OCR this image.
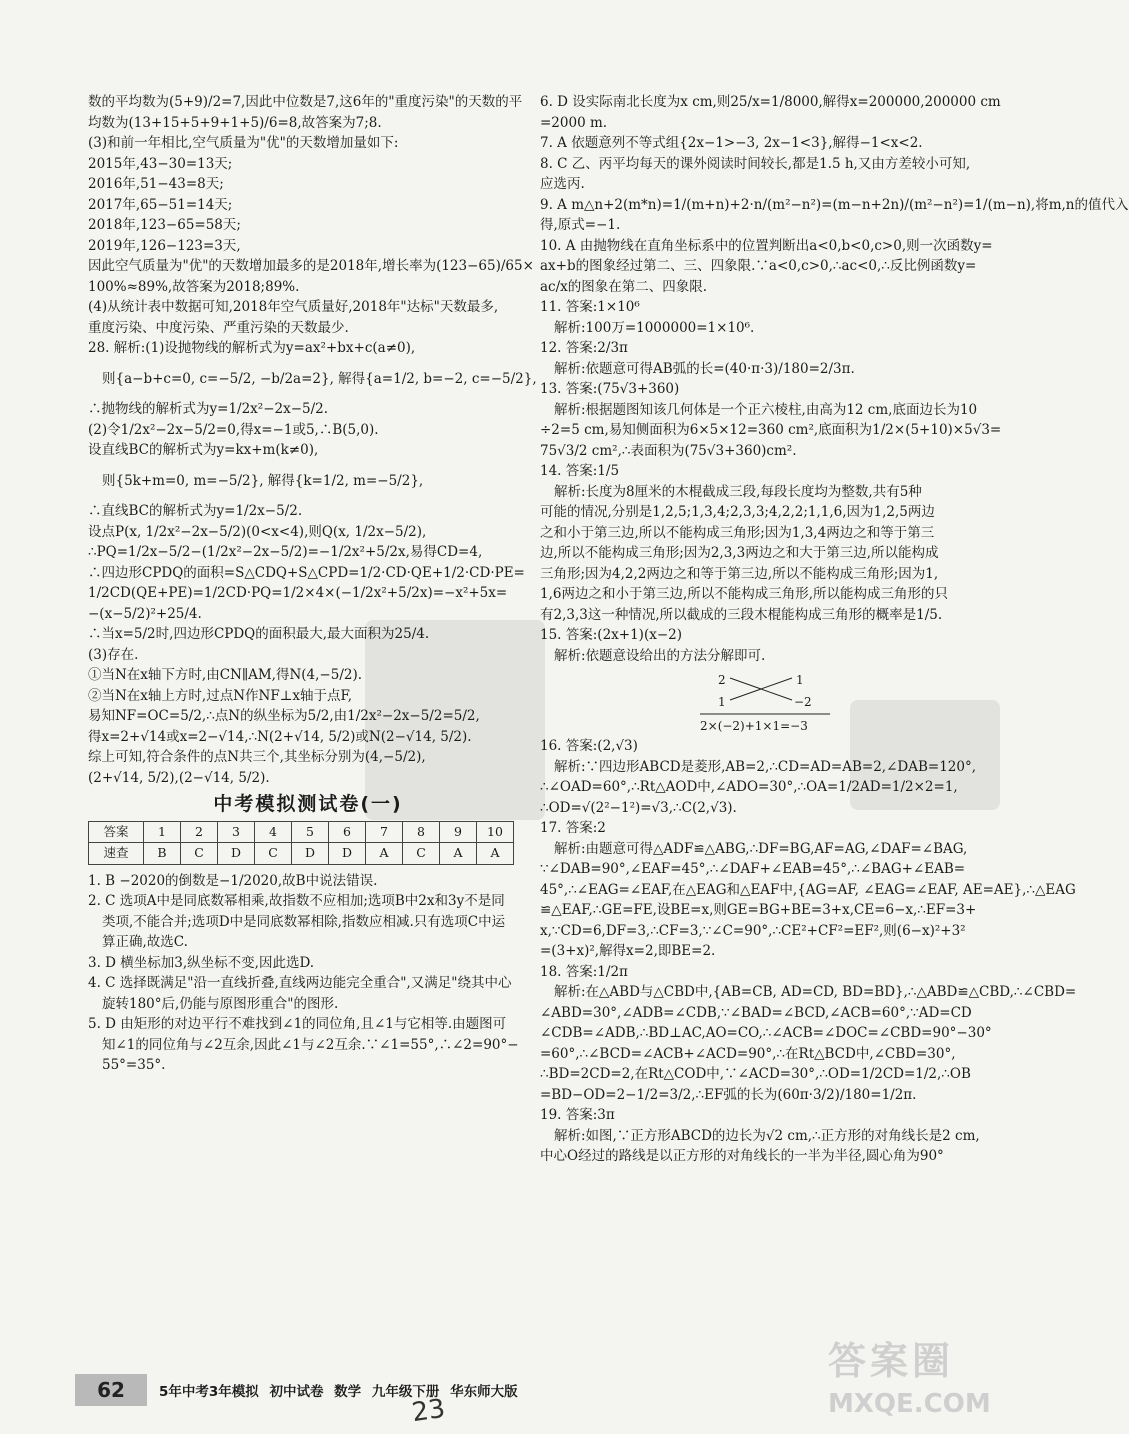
数的平均数为(5+9)/2=7,因此中位数是7,这6年的"重度污染"的天数的平
均数为(13+15+5+9+1+5)/6=8,故答案为7;8.
(3)和前一年相比,空气质量为"优"的天数增加量如下:
2015年,43−30=13天;
2016年,51−43=8天;
2017年,65−51=14天;
2018年,123−65=58天;
2019年,126−123=3天,
因此空气质量为"优"的天数增加最多的是2018年,增长率为(123−65)/65×
100%≈89%,故答案为2018;89%.
(4)从统计表中数据可知,2018年空气质量好,2018年"达标"天数最多,
重度污染、中度污染、严重污染的天数最少.
28. 解析:(1)设抛物线的解析式为y=ax²+bx+c(a≠0),
则{a−b+c=0, c=−5/2, −b/2a=2}, 解得{a=1/2, b=−2, c=−5/2},
∴抛物线的解析式为y=1/2x²−2x−5/2.
(2)令1/2x²−2x−5/2=0,得x=−1或5,∴B(5,0).
设直线BC的解析式为y=kx+m(k≠0),
则{5k+m=0, m=−5/2}, 解得{k=1/2, m=−5/2},
∴直线BC的解析式为y=1/2x−5/2.
设点P(x, 1/2x²−2x−5/2)(0<x<4),则Q(x, 1/2x−5/2),
∴PQ=1/2x−5/2−(1/2x²−2x−5/2)=−1/2x²+5/2x,易得CD=4,
∴四边形CPDQ的面积=S△CDQ+S△CPD=1/2·CD·QE+1/2·CD·PE=
1/2CD(QE+PE)=1/2CD·PQ=1/2×4×(−1/2x²+5/2x)=−x²+5x=
−(x−5/2)²+25/4.
∴当x=5/2时,四边形CPDQ的面积最大,最大面积为25/4.
(3)存在.
①当N在x轴下方时,由CN∥AM,得N(4,−5/2).
②当N在x轴上方时,过点N作NF⊥x轴于点F,
易知NF=OC=5/2,∴点N的纵坐标为5/2,由1/2x²−2x−5/2=5/2,
得x=2+√14或x=2−√14,∴N(2+√14, 5/2)或N(2−√14, 5/2).
综上可知,符合条件的点N共三个,其坐标分别为(4,−5/2),
(2+√14, 5/2),(2−√14, 5/2).
中考模拟测试卷(一)
答案	1	2	3	4	5	6	7	8	9	10
速查	B	C	D	C	D	D	A	C	A	A
1. B −2020的倒数是−1/2020,故B中说法错误.
2. C 选项A中是同底数幂相乘,故指数不应相加;选项B中2x和3y不是同
类项,不能合并;选项D中是同底数幂相除,指数应相减.只有选项C中运
算正确,故选C.
3. D 横坐标加3,纵坐标不变,因此选D.
4. C 选择既满足"沿一直线折叠,直线两边能完全重合",又满足"绕其中心
旋转180°后,仍能与原图形重合"的图形.
5. D 由矩形的对边平行不难找到∠1的同位角,且∠1与它相等.由题图可
知∠1的同位角与∠2互余,因此∠1与∠2互余.∵∠1=55°,∴∠2=90°−
55°=35°.
6. D 设实际南北长度为x cm,则25/x=1/8000,解得x=200000,200000 cm
=2000 m.
7. A 依题意列不等式组{2x−1>−3, 2x−1<3},解得−1<x<2.
8. C 乙、丙平均每天的课外阅读时间较长,都是1.5 h,又由方差较小可知,
应选丙.
9. A m△n+2(m*n)=1/(m+n)+2·n/(m²−n²)=(m−n+2n)/(m²−n²)=1/(m−n),将m,n的值代入
得,原式=−1.
10. A 由抛物线在直角坐标系中的位置判断出a<0,b<0,c>0,则一次函数y=
ax+b的图象经过第二、三、四象限.∵a<0,c>0,∴ac<0,∴反比例函数y=
ac/x的图象在第二、四象限.
11. 答案:1×10⁶
解析:100万=1000000=1×10⁶.
12. 答案:2/3π
解析:依题意可得AB弧的长=(40·π·3)/180=2/3π.
13. 答案:(75√3+360)
解析:根据题图知该几何体是一个正六棱柱,由高为12 cm,底面边长为10
÷2=5 cm,易知侧面积为6×5×12=360 cm²,底面积为1/2×(5+10)×5√3=
75√3/2 cm²,∴表面积为(75√3+360)cm².
14. 答案:1/5
解析:长度为8厘米的木棍截成三段,每段长度均为整数,共有5种
可能的情况,分别是1,2,5;1,3,4;2,3,3;4,2,2;1,1,6,因为1,2,5两边
之和小于第三边,所以不能构成三角形;因为1,3,4两边之和等于第三
边,所以不能构成三角形;因为2,3,3两边之和大于第三边,所以能构成
三角形;因为4,2,2两边之和等于第三边,所以不能构成三角形;因为1,
1,6两边之和小于第三边,所以不能构成三角形,所以能构成三角形的只
有2,3,3这一种情况,所以截成的三段木棍能构成三角形的概率是1/5.
15. 答案:(2x+1)(x−2)
解析:依题意设给出的方法分解即可.
2	1
1	−2
2×(−2)+1×1=−3
16. 答案:(2,√3)
解析:∵四边形ABCD是菱形,AB=2,∴CD=AD=AB=2,∠DAB=120°,
∴∠OAD=60°,∴Rt△AOD中,∠ADO=30°,∴OA=1/2AD=1/2×2=1,
∴OD=√(2²−1²)=√3,∴C(2,√3).
17. 答案:2
解析:由题意可得△ADF≌△ABG,∴DF=BG,AF=AG,∠DAF=∠BAG,
∵∠DAB=90°,∠EAF=45°,∴∠DAF+∠EAB=45°,∴∠BAG+∠EAB=
45°,∴∠EAG=∠EAF,在△EAG和△EAF中,{AG=AF, ∠EAG=∠EAF, AE=AE},∴△EAG
≌△EAF,∴GE=FE,设BE=x,则GE=BG+BE=3+x,CE=6−x,∴EF=3+
x,∵CD=6,DF=3,∴CF=3,∵∠C=90°,∴CE²+CF²=EF²,则(6−x)²+3²
=(3+x)²,解得x=2,即BE=2.
18. 答案:1/2π
解析:在△ABD与△CBD中,{AB=CB, AD=CD, BD=BD},∴△ABD≌△CBD,∴∠CBD=
∠ABD=30°,∠ADB=∠CDB,∵∠BAD=∠BCD,∠ACB=60°,∵AD=CD
∠CDB=∠ADB,∴BD⊥AC,AO=CO,∴∠ACB=∠DOC=∠CBD=90°−30°
=60°,∴∠BCD=∠ACB+∠ACD=90°,∴在Rt△BCD中,∠CBD=30°,
∴BD=2CD=2,在Rt△COD中,∵∠ACD=30°,∴OD=1/2CD=1/2,∴OB
=BD−OD=2−1/2=3/2,∴EF弧的长为(60π·3/2)/180=1/2π.
19. 答案:3π
解析:如图,∵正方形ABCD的边长为√2 cm,∴正方形的对角线长是2 cm,
中心O经过的路线是以正方形的对角线长的一半为半径,圆心角为90°
62	5年中考3年模拟 初中试卷 数学 九年级下册 华东师大版
23
答案圈
MXQE.COM
